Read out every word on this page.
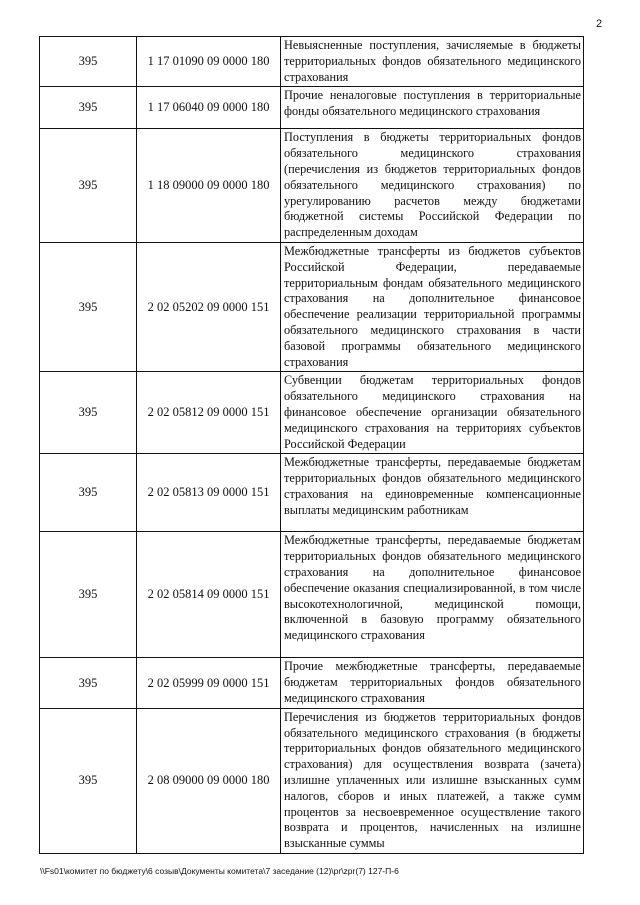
2
395	1 17 01090 09 0000 180	Невыясненные поступления, зачисляемые в бюджеты территориальных фондов обязательного медицинского страхования
395	1 17 06040 09 0000 180	Прочие неналоговые поступления в территориальные фонды обязательного медицинского страхования
395	1 18 09000 09 0000 180	Поступления в бюджеты территориальных фондов обязательного медицинского страхования (перечисления из бюджетов территориальных фондов обязательного медицинского страхования) по урегулированию расчетов между бюджетами бюджетной системы Российской Федерации по распределенным доходам
395	2 02 05202 09 0000 151	Межбюджетные трансферты из бюджетов субъектов Российской Федерации, передаваемые территориальным фондам обязательного медицинского страхования на дополнительное финансовое обеспечение реализации территориальной программы обязательного медицинского страхования в части базовой программы обязательного медицинского страхования
395	2 02 05812 09 0000 151	Субвенции бюджетам территориальных фондов обязательного медицинского страхования на финансовое обеспечение организации обязательного медицинского страхования на территориях субъектов Российской Федерации
395	2 02 05813 09 0000 151	Межбюджетные трансферты, передаваемые бюджетам территориальных фондов обязательного медицинского страхования на единовременные компенсационные выплаты медицинским работникам
395	2 02 05814 09 0000 151	Межбюджетные трансферты, передаваемые бюджетам территориальных фондов обязательного медицинского страхования на дополнительное финансовое обеспечение оказания специализированной, в том числе высокотехнологичной, медицинской помощи, включенной в базовую программу обязательного медицинского страхования
395	2 02 05999 09 0000 151	Прочие межбюджетные трансферты, передаваемые бюджетам территориальных фондов обязательного медицинского страхования
395	2 08 09000 09 0000 180	Перечисления из бюджетов территориальных фондов обязательного медицинского страхования (в бюджеты территориальных фондов обязательного медицинского страхования) для осуществления возврата (зачета) излишне уплаченных или излишне взысканных сумм налогов, сборов и иных платежей, а также сумм процентов за несвоевременное осуществление такого возврата и процентов, начисленных на излишне взысканные суммы
\\Fs01\комитет по бюджету\6 созыв\Документы комитета\7 заседание (12)\pr\zpr(7) 127-П-6
